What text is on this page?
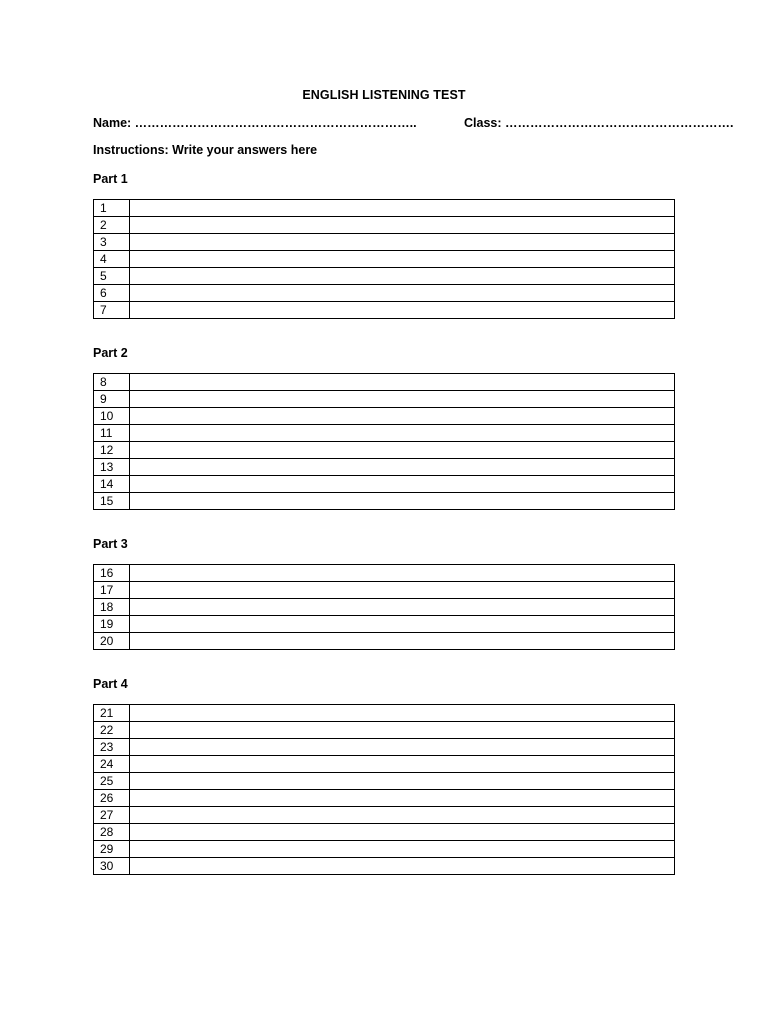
ENGLISH LISTENING TEST
Name: …………………………………………………………..	Class: ……………………………………………….
Instructions: Write your answers here
Part 1
1	
2	
3	
4	
5	
6	
7	
Part 2
8	
9	
10	
11	
12	
13	
14	
15	
Part 3
16	
17	
18	
19	
20	
Part 4
21	
22	
23	
24	
25	
26	
27	
28	
29	
30	
